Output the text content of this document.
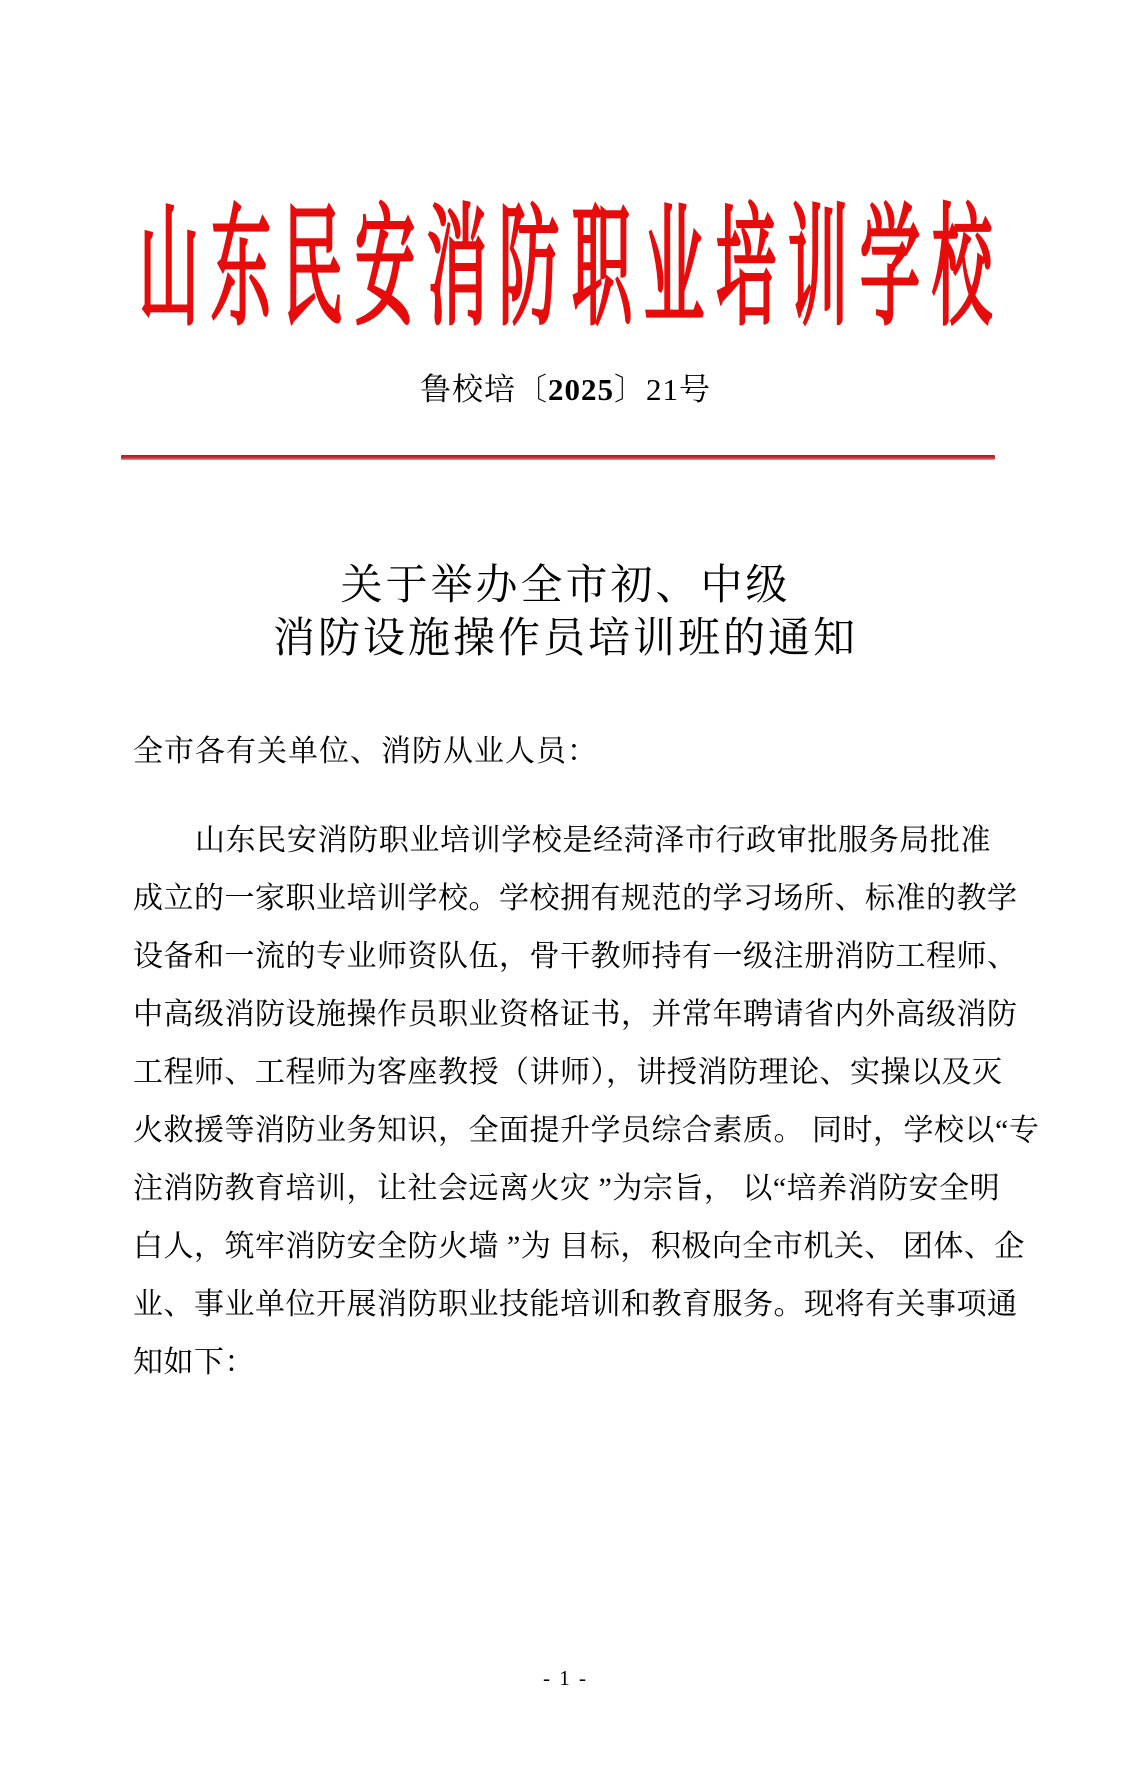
山 东 民 安 消 防 职 业 培 训 学 校
鲁校培〔2025〕21号
关于举办全市初、中级
消防设施操作员培训班的通知
全市各有关单位、消防从业人员：
山东民安消防职业培训学校是经菏泽市行政审批服务局批准
成立的一家职业培训学校。学校拥有规范的学习场所、标准的教学
设备和一流的专业师资队伍，骨干教师持有一级注册消防工程师、
中高级消防设施操作员职业资格证书，并常年聘请省内外高级消防
工程师、工程师为客座教授（讲师），讲授消防理论、实操以及灭
火救援等消防业务知识，全面提升学员综合素质。 同时，学校以“专
注消防教育培训，让社会远离火灾 ”为宗旨， 以“培养消防安全明
白人，筑牢消防安全防火墙 ”为 目标，积极向全市机关、 团体、企
业、事业单位开展消防职业技能培训和教育服务。现将有关事项通
知如下：
- 1 -
